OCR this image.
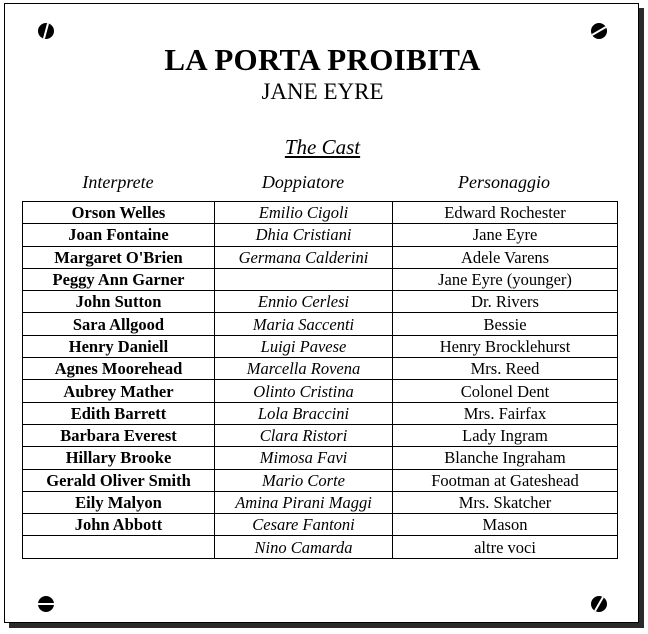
LA PORTA PROIBITA
JANE EYRE
The Cast
Interprete	Doppiatore	Personaggio
Orson Welles	Emilio Cigoli	Edward Rochester
Joan Fontaine	Dhia Cristiani	Jane Eyre
Margaret O'Brien	Germana Calderini	Adele Varens
Peggy Ann Garner		Jane Eyre (younger)
John Sutton	Ennio Cerlesi	Dr. Rivers
Sara Allgood	Maria Saccenti	Bessie
Henry Daniell	Luigi Pavese	Henry Brocklehurst
Agnes Moorehead	Marcella Rovena	Mrs. Reed
Aubrey Mather	Olinto Cristina	Colonel Dent
Edith Barrett	Lola Braccini	Mrs. Fairfax
Barbara Everest	Clara Ristori	Lady Ingram
Hillary Brooke	Mimosa Favi	Blanche Ingraham
Gerald Oliver Smith	Mario Corte	Footman at Gateshead
Eily Malyon	Amina Pirani Maggi	Mrs. Skatcher
John Abbott	Cesare Fantoni	Mason
	Nino Camarda	altre voci
